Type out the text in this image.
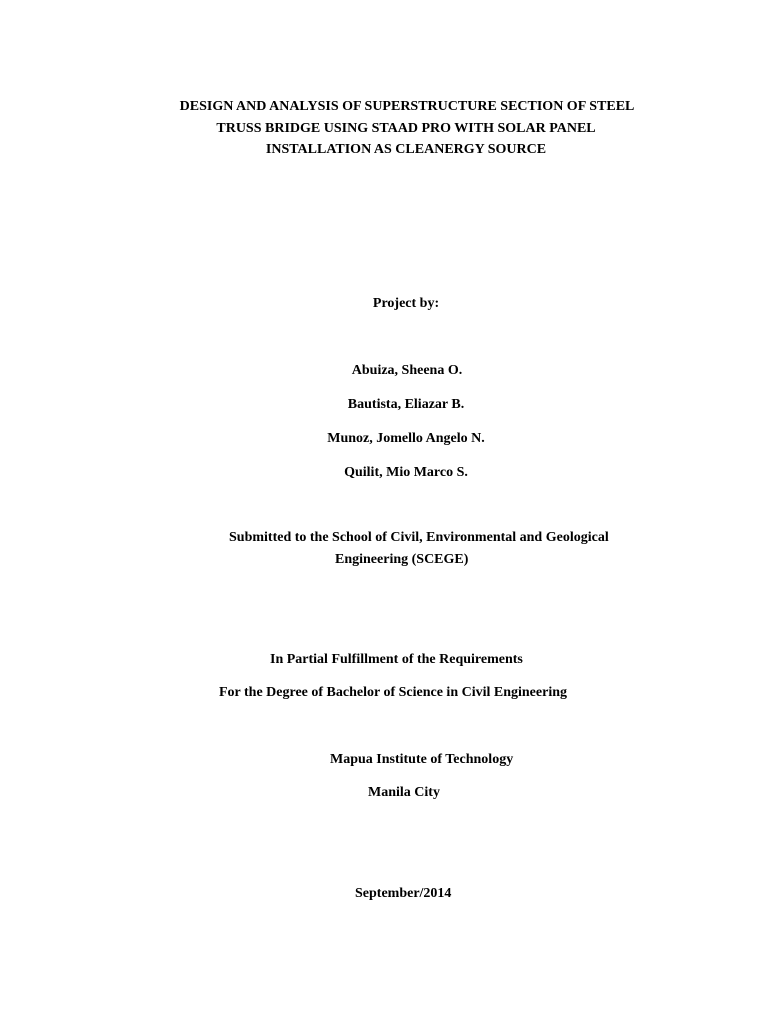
DESIGN AND ANALYSIS OF SUPERSTRUCTURE SECTION OF STEEL
TRUSS BRIDGE USING STAAD PRO WITH SOLAR PANEL
INSTALLATION AS CLEANERGY SOURCE
Project by:
Abuiza, Sheena O.
Bautista, Eliazar B.
Munoz, Jomello Angelo N.
Quilit, Mio Marco S.
Submitted to the School of Civil, Environmental and Geological
Engineering (SCEGE)
In Partial Fulfillment of the Requirements
For the Degree of Bachelor of Science in Civil Engineering
Mapua Institute of Technology
Manila City
September/2014
